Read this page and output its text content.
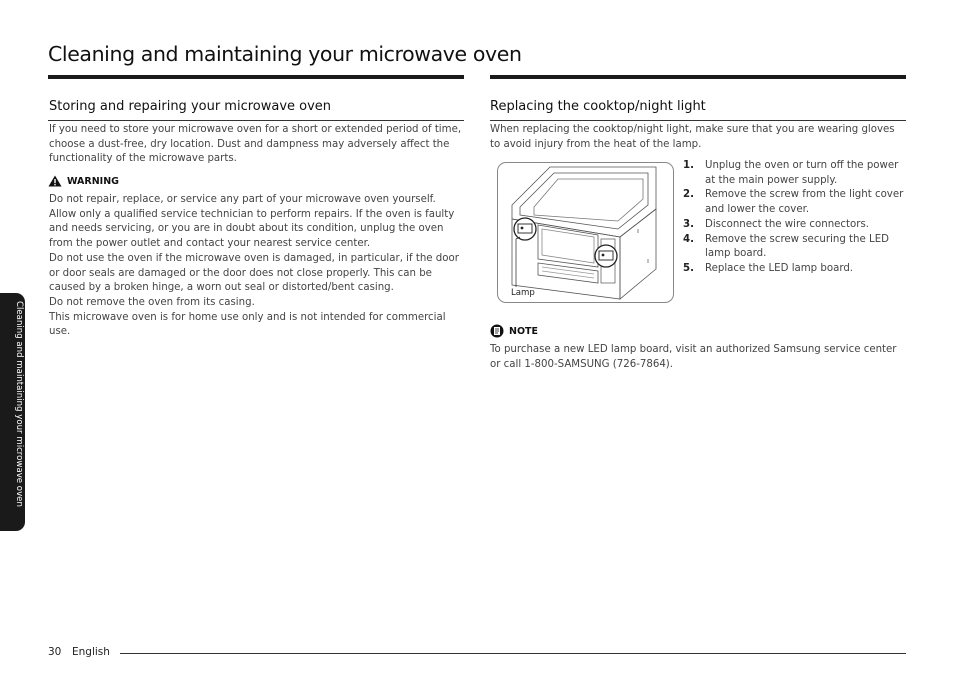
Cleaning and maintaining your microwave oven
Storing and repairing your microwave oven
If you need to store your microwave oven for a short or extended period of time, choose a dust-free, dry location. Dust and dampness may adversely affect the functionality of the microwave parts.
WARNING

Do not repair, replace, or service any part of your microwave oven yourself. Allow only a qualified service technician to perform repairs. If the oven is faulty and needs servicing, or you are in doubt about its condition, unplug the oven from the power outlet and contact your nearest service center.

Do not use the oven if the microwave oven is damaged, in particular, if the door or door seals are damaged or the door does not close properly. This can be caused by a broken hinge, a worn out seal or distorted/bent casing.

Do not remove the oven from its casing.

This microwave oven is for home use only and is not intended for commercial use.

Replacing the cooktop/night light
When replacing the cooktop/night light, make sure that you are wearing gloves to avoid injury from the heat of the lamp.
Lamp
1.	Unplug the oven or turn off the power at the main power supply.
2.	Remove the screw from the light cover and lower the cover.
3.	Disconnect the wire connectors.
4.	Remove the screw securing the LED lamp board.
5.	Replace the LED lamp board.
NOTE
To purchase a new LED lamp board, visit an authorized Samsung service center or call 1-800-SAMSUNG (726-7864).
Cleaning and maintaining your microwave oven
30 English
